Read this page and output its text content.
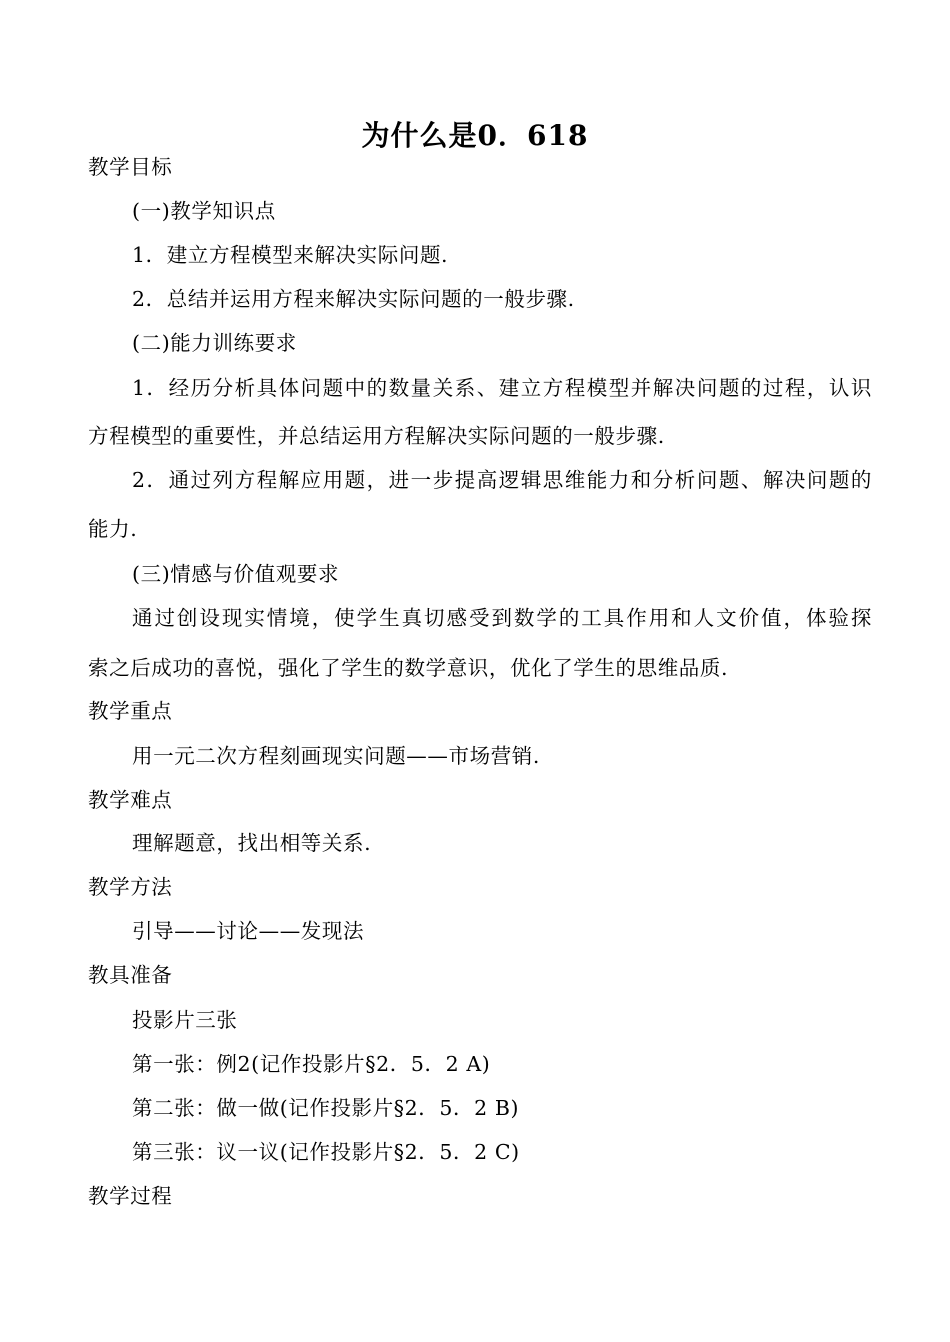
为什么是0．618
教学目标
(一)教学知识点
1．建立方程模型来解决实际问题.
2．总结并运用方程来解决实际问题的一般步骤.
(二)能力训练要求
1．经历分析具体问题中的数量关系、建立方程模型并解决问题的过程，认识
方程模型的重要性，并总结运用方程解决实际问题的一般步骤.
2．通过列方程解应用题，进一步提高逻辑思维能力和分析问题、解决问题的
能力.
(三)情感与价值观要求
通过创设现实情境，使学生真切感受到数学的工具作用和人文价值，体验探
索之后成功的喜悦，强化了学生的数学意识，优化了学生的思维品质.
教学重点
用一元二次方程刻画现实问题——市场营销.
教学难点
理解题意，找出相等关系.
教学方法
引导——讨论——发现法
教具准备
投影片三张
第一张：例2(记作投影片§2．5．2 A)
第二张：做一做(记作投影片§2．5．2 B)
第三张：议一议(记作投影片§2．5．2 C)
教学过程
